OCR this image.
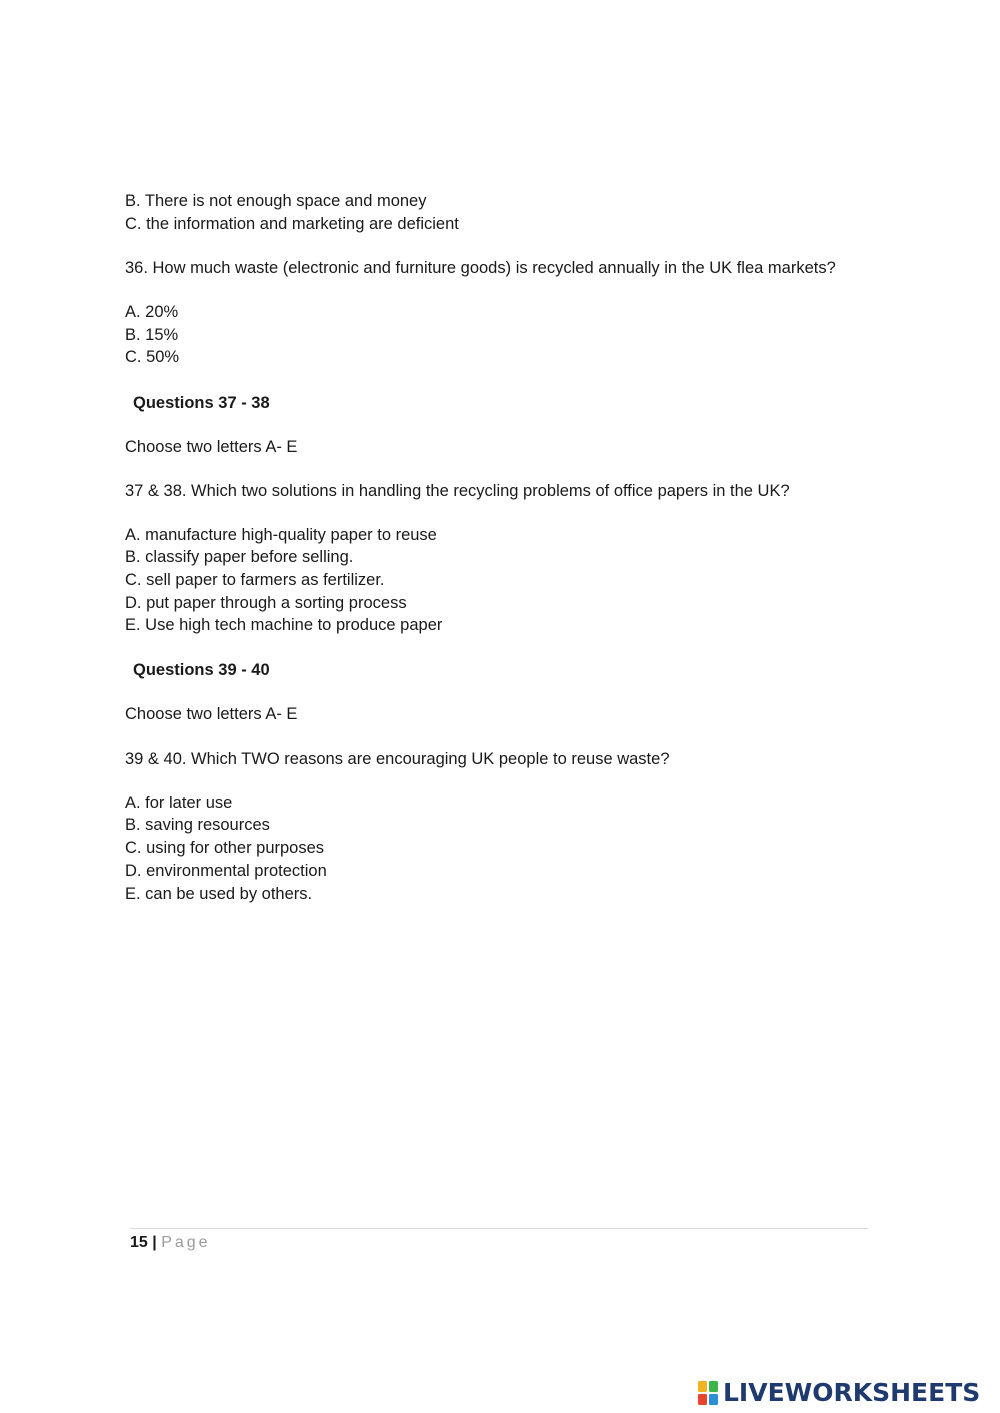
B. There is not enough space and money
C. the information and marketing are deficient
36. How much waste (electronic and furniture goods) is recycled annually in the UK flea markets?
A. 20%
B. 15%
C. 50%
Questions 37 - 38
Choose two letters A- E
37 & 38. Which two solutions in handling the recycling problems of office papers in the UK?
A. manufacture high-quality paper to reuse
B. classify paper before selling.
C. sell paper to farmers as fertilizer.
D. put paper through a sorting process
E. Use high tech machine to produce paper
Questions 39 - 40
Choose two letters A- E
39 & 40. Which TWO reasons are encouraging UK people to reuse waste?
A. for later use
B. saving resources
C. using for other purposes
D. environmental protection
E. can be used by others.
15 | Page
LIVEWORKSHEETS
